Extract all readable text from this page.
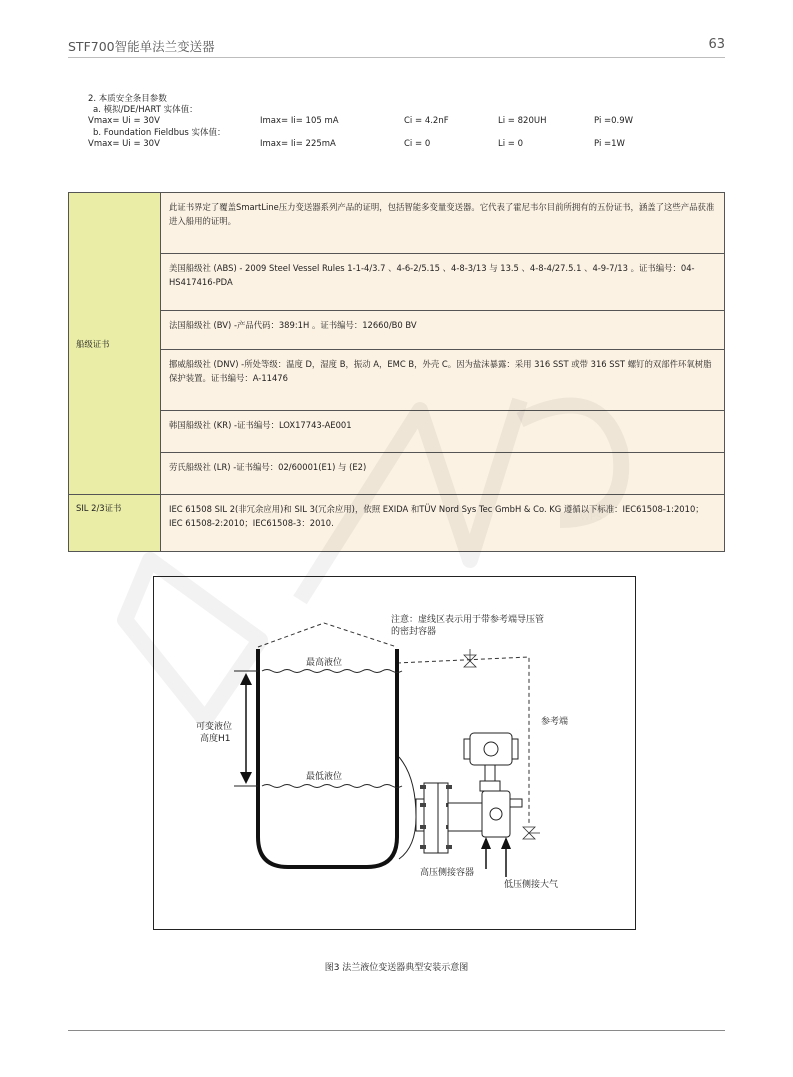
STF700智能单法兰变送器	63
2. 本质安全条目参数
a. 模拟/DE/HART 实体值：
Vmax= Ui = 30V	Imax= Ii= 105 mA	Ci = 4.2nF	Li = 820UH	Pi =0.9W
b. Foundation Fieldbus 实体值：
Vmax= Ui = 30V	Imax= Ii= 225mA	Ci = 0	Li = 0	Pi =1W
船级证书	此证书界定了覆盖SmartLine压力变送器系列产品的证明，包括智能多变量变送器。它代表了霍尼韦尔目前所拥有的五份证书，涵盖了这些产品获准进入船用的证明。
	美国船级社 (ABS) - 2009 Steel Vessel Rules 1-1-4/3.7 、4-6-2/5.15 、4-8-3/13 与 13.5 、4-8-4/27.5.1 、4-9-7/13 。证书编号：04-HS417416-PDA
	法国船级社 (BV) -产品代码：389:1H 。证书编号：12660/B0 BV
	挪威船级社 (DNV) -所处等级：温度 D，湿度 B，振动 A，EMC B，外壳 C。因为盐沫暴露：采用 316 SST 或带 316 SST 螺钉的双部件环氧树脂保护装置。证书编号：A-11476
	韩国船级社 (KR) -证书编号：LOX17743-AE001
	劳氏船级社 (LR) -证书编号：02/60001(E1) 与 (E2)
SIL 2/3证书	IEC 61508 SIL 2(非冗余应用)和 SIL 3(冗余应用)，依照 EXIDA 和TÜV Nord Sys Tec GmbH & Co. KG 遵循以下标准：IEC61508-1:2010；IEC 61508-2:2010；IEC61508-3：2010.
注意：虚线区表示用于带参考端导压管
的密封容器
最高液位
最低液位
可变液位
高度H1
参考端
高压侧接容器
低压侧接大气
图3 法兰液位变送器典型安装示意图
